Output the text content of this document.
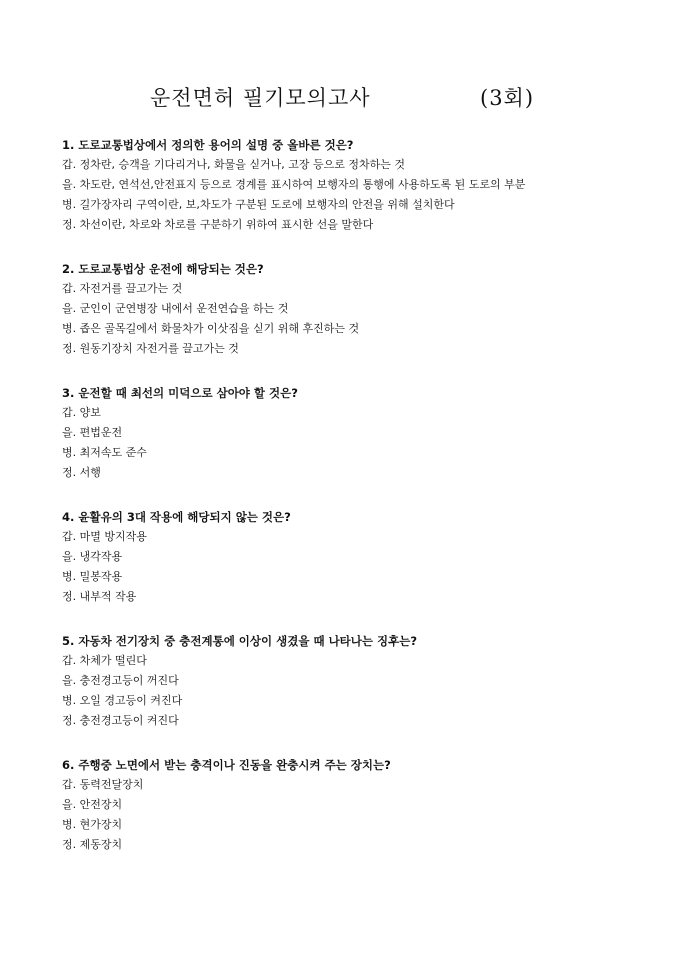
운전면허 필기모의고사	(3회)

1. 도로교통법상에서 정의한 용어의 설명 중 올바른 것은?

갑. 정차란, 승객을 기다리거나, 화물을 싣거나, 고장 등으로 정차하는 것
을. 차도란, 연석선,안전표지 등으로 경계를 표시하여 보행자의 통행에 사용하도록 된 도로의 부분
병. 길가장자리 구역이란, 보,차도가 구분된 도로에 보행자의 안전을 위해 설치한다
정. 차선이란, 차로와 차로를 구분하기 위하여 표시한 선을 말한다

2. 도로교통법상 운전에 해당되는 것은?

갑. 자전거를 끌고가는 것
을. 군인이 군연병장 내에서 운전연습을 하는 것
병. 좁은 골목길에서 화물차가 이삿짐을 싣기 위해 후진하는 것
정. 원동기장치 자전거를 끌고가는 것

3. 운전할 때 최선의 미덕으로 삼아야 할 것은?

갑. 양보
을. 편법운전
병. 최저속도 준수
정. 서행

4. 윤활유의 3대 작용에 해당되지 않는 것은?

갑. 마멸 방지작용
을. 냉각작용
병. 밀봉작용
정. 내부적 작용

5. 자동차 전기장치 중 충전계통에 이상이 생겼을 때 나타나는 징후는?

갑. 차체가 떨린다
을. 충전경고등이 꺼진다
병. 오일 경고등이 켜진다
정. 충전경고등이 켜진다

6. 주행중 노면에서 받는 충격이나 진동을 완충시켜 주는 장치는?

갑. 동력전달장치
을. 안전장치
병. 현가장치
정. 제동장치
